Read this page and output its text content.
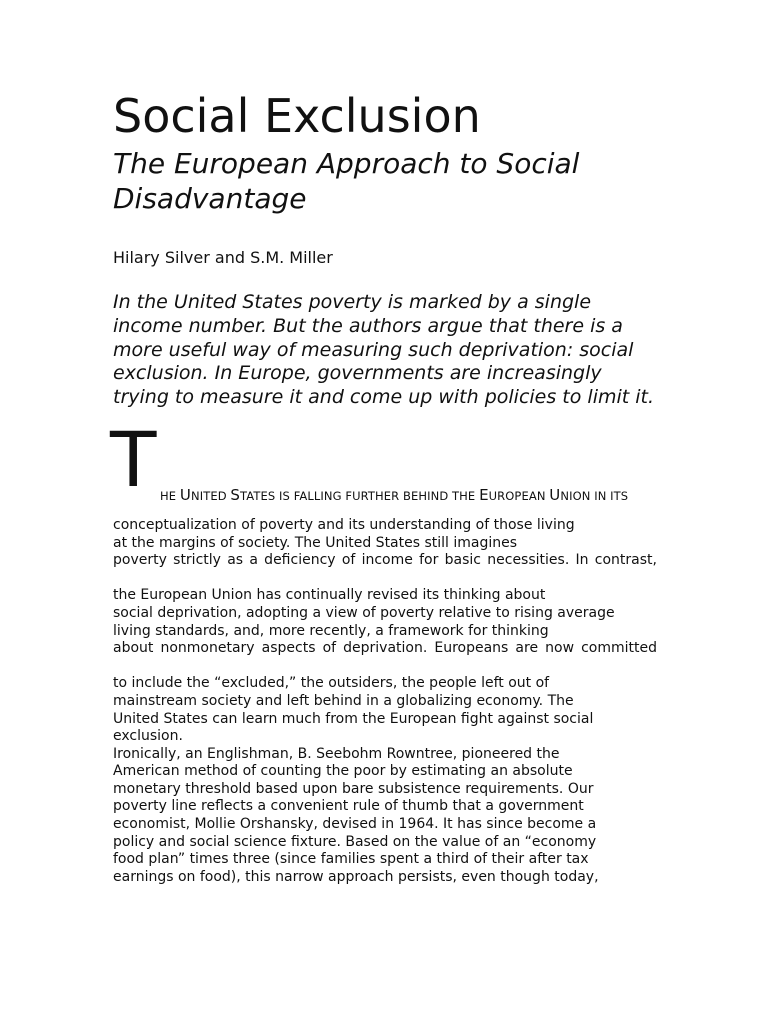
Social Exclusion
The European Approach to Social Disadvantage
Hilary Silver and S.M. Miller
In the United States poverty is marked by a single income number. But the authors argue that there is a more useful way of measuring such deprivation: social exclusion. In Europe, governments are increasingly trying to measure it and come up with policies to limit it.
T HE UNITED STATES IS FALLING FURTHER BEHIND THE EUROPEAN UNION IN ITS
conceptualization of poverty and its understanding of those living
at the margins of society. The United States still imagines
poverty strictly as a deficiency of income for basic necessities. In contrast,
the European Union has continually revised its thinking about
social deprivation, adopting a view of poverty relative to rising average
living standards, and, more recently, a framework for thinking
about nonmonetary aspects of deprivation. Europeans are now committed
to include the “excluded,” the outsiders, the people left out of
mainstream society and left behind in a globalizing economy. The
United States can learn much from the European fight against social
exclusion.
Ironically, an Englishman, B. Seebohm Rowntree, pioneered the
American method of counting the poor by estimating an absolute
monetary threshold based upon bare subsistence requirements. Our
poverty line reflects a convenient rule of thumb that a government
economist, Mollie Orshansky, devised in 1964. It has since become a
policy and social science fixture. Based on the value of an “economy
food plan” times three (since families spent a third of their after tax
earnings on food), this narrow approach persists, even though today,
